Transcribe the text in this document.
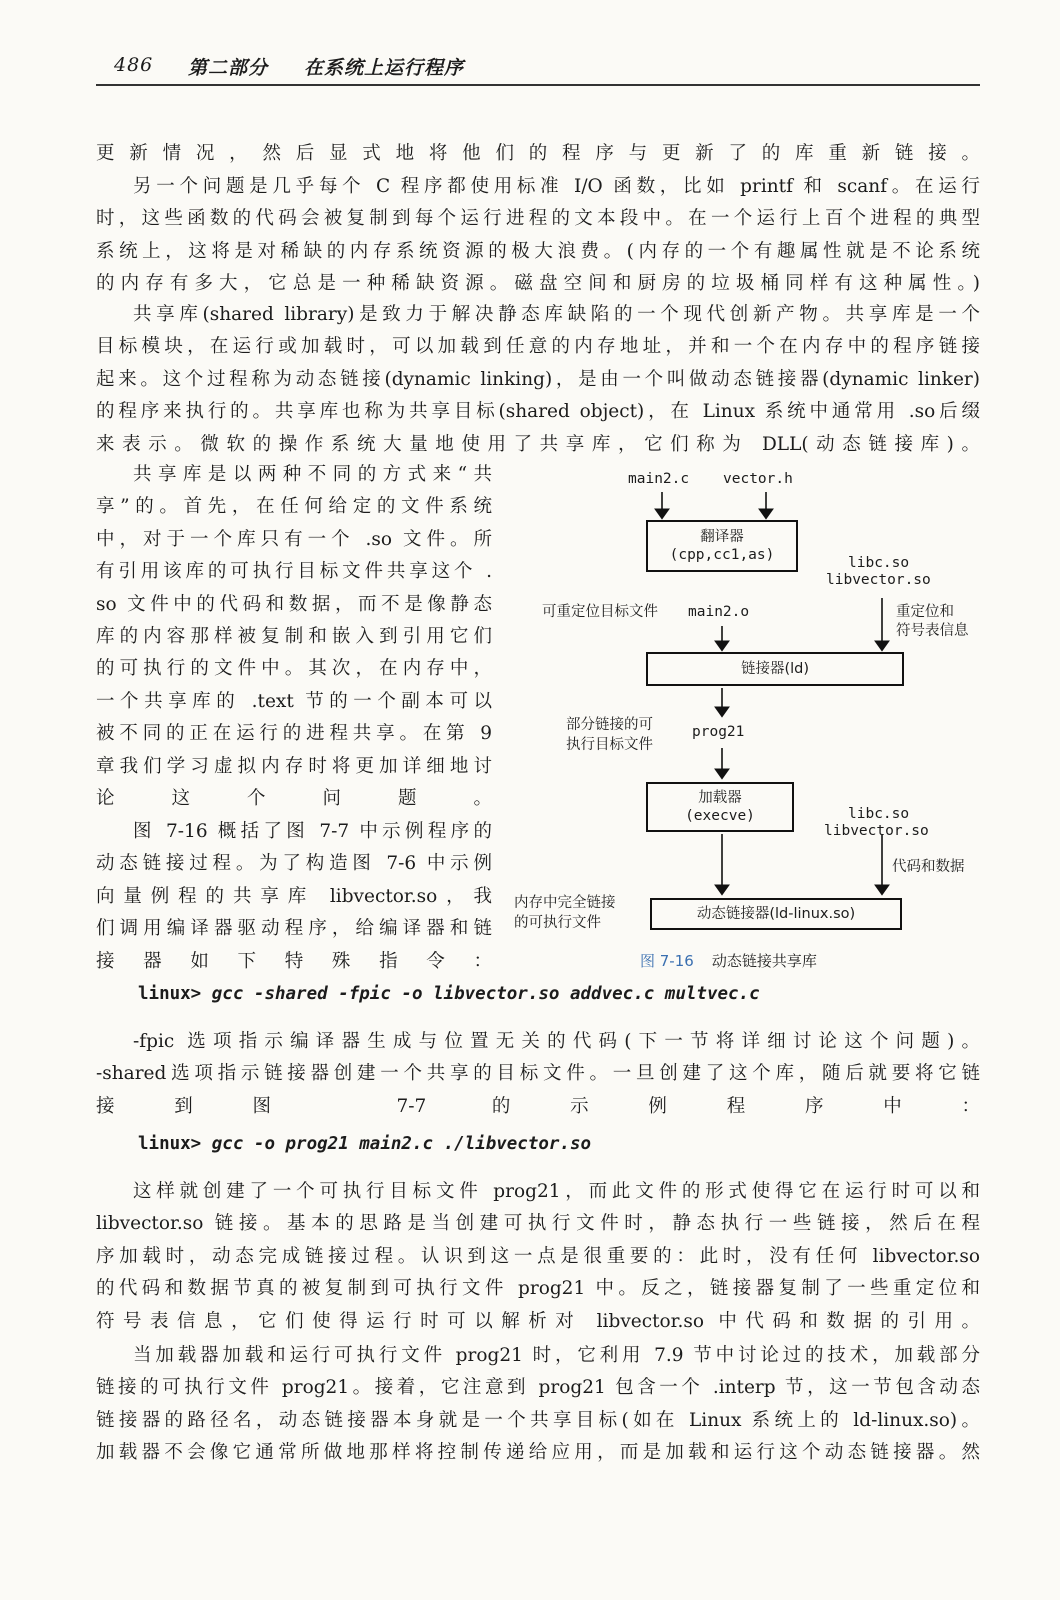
486 第二部分 在系统上运行程序
更新情况，然后显式地将他们的程序与更新了的库重新链接。
另一个问题是几乎每个 C 程序都使用标准 I/O 函数，比如 printf 和 scanf。在运行
时，这些函数的代码会被复制到每个运行进程的文本段中。在一个运行上百个进程的典型
系统上，这将是对稀缺的内存系统资源的极大浪费。(内存的一个有趣属性就是不论系统
的内存有多大，它总是一种稀缺资源。磁盘空间和厨房的垃圾桶同样有这种属性。)
共享库(shared library)是致力于解决静态库缺陷的一个现代创新产物。共享库是一个
目标模块，在运行或加载时，可以加载到任意的内存地址，并和一个在内存中的程序链接
起来。这个过程称为动态链接(dynamic linking)，是由一个叫做动态链接器(dynamic linker)
的程序来执行的。共享库也称为共享目标(shared object)，在 Linux 系统中通常用 .so后缀
来表示。微软的操作系统大量地使用了共享库，它们称为 DLL(动态链接库)。
共享库是以两种不同的方式来“共
享”的。首先，在任何给定的文件系统
中，对于一个库只有一个 .so 文件。所
有引用该库的可执行目标文件共享这个 .
so 文件中的代码和数据，而不是像静态
库的内容那样被复制和嵌入到引用它们
的可执行的文件中。其次，在内存中，
一个共享库的 .text 节的一个副本可以
被不同的正在运行的进程共享。在第 9
章我们学习虚拟内存时将更加详细地讨
论这个问题。
图 7-16 概括了图 7-7 中示例程序的
动态链接过程。为了构造图 7-6 中示例
向量例程的共享库 libvector.so，我
们调用编译器驱动程序，给编译器和链
接器如下特殊指令：
linux> gcc -shared -fpic -o libvector.so addvec.c multvec.c
-fpic 选项指示编译器生成与位置无关的代码(下一节将详细讨论这个问题)。
-shared选项指示链接器创建一个共享的目标文件。一旦创建了这个库，随后就要将它链
接到图 7-7 的示例程序中：
linux> gcc -o prog21 main2.c ./libvector.so
这样就创建了一个可执行目标文件 prog21，而此文件的形式使得它在运行时可以和
libvector.so 链接。基本的思路是当创建可执行文件时，静态执行一些链接，然后在程
序加载时，动态完成链接过程。认识到这一点是很重要的：此时，没有任何 libvector.so
的代码和数据节真的被复制到可执行文件 prog21 中。反之，链接器复制了一些重定位和
符号表信息，它们使得运行时可以解析对 libvector.so 中代码和数据的引用。
当加载器加载和运行可执行文件 prog21 时，它利用 7.9 节中讨论过的技术，加载部分
链接的可执行文件 prog21。接着，它注意到 prog21 包含一个 .interp 节，这一节包含动态
链接器的路径名，动态链接器本身就是一个共享目标(如在 Linux 系统上的 ld-linux.so)。
加载器不会像它通常所做地那样将控制传递给应用，而是加载和运行这个动态链接器。然
main2.c vector.h
翻译器
(cpp,cc1,as)	libc.so
libvector.so
可重定位目标文件 main2.o	重定位和
符号表信息
链接器(ld)
部分链接的可
执行目标文件
prog21
加载器
(execve)	libc.so
libvector.so
代码和数据
内存中完全链接
的可执行文件
动态链接器(ld-linux.so)
图 7-16 动态链接共享库
